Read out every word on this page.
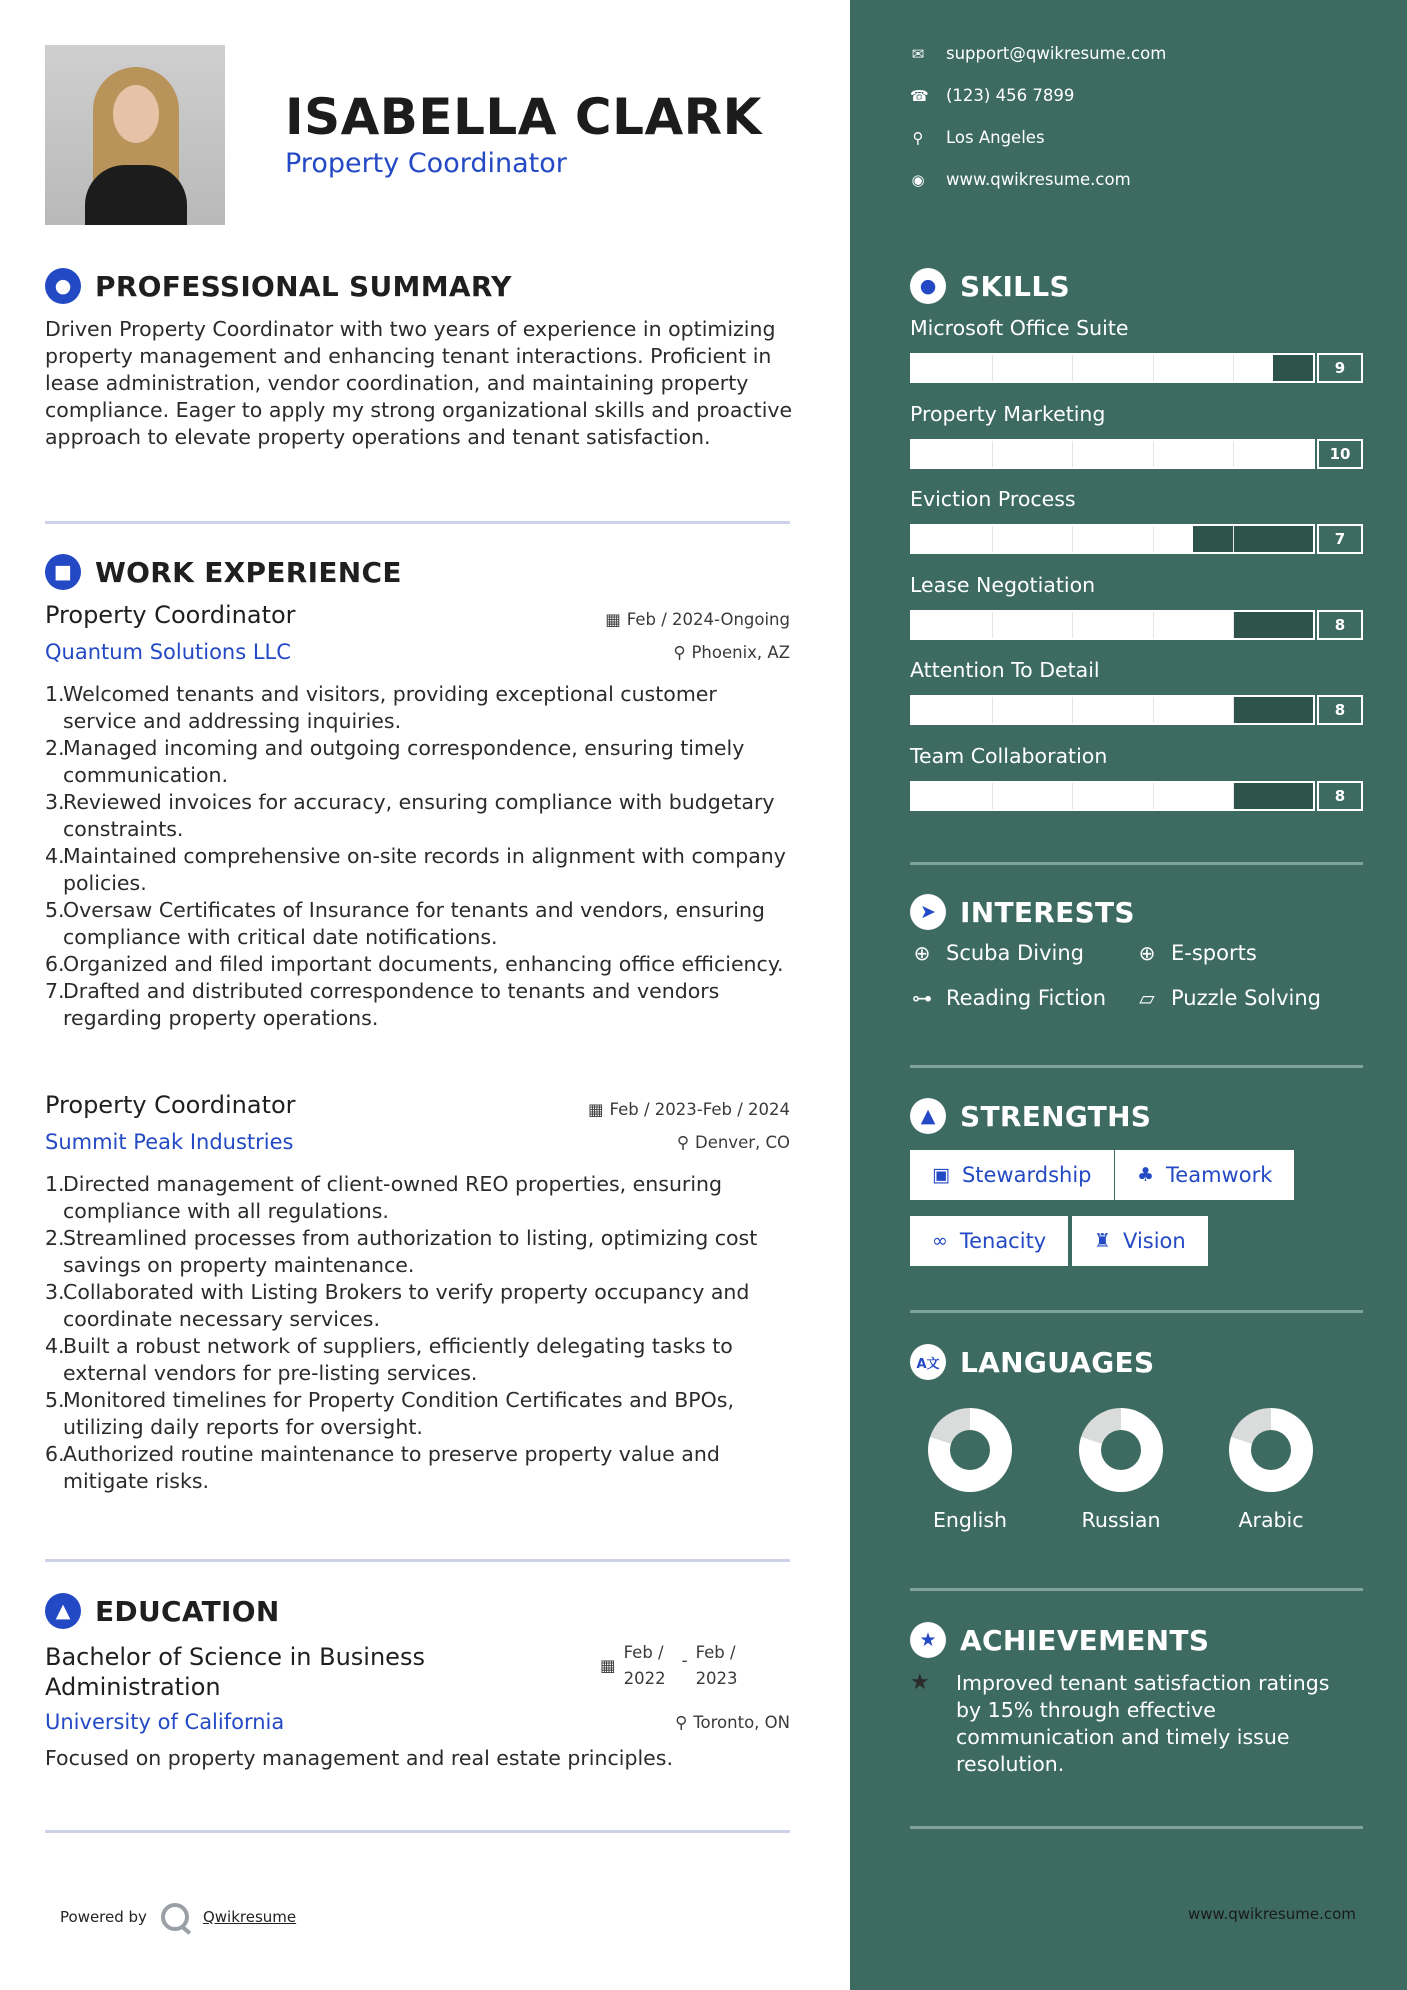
ISABELLA CLARK
Property Coordinator
● PROFESSIONAL SUMMARY
Driven Property Coordinator with two years of experience in optimizing property management and enhancing tenant interactions. Proficient in lease administration, vendor coordination, and maintaining property compliance. Eager to apply my strong organizational skills and proactive approach to elevate property operations and tenant satisfaction.
■ WORK EXPERIENCE
Property Coordinator	▦ Feb / 2024-Ongoing
Quantum Solutions LLC	⚲ Phoenix, AZ
1.
Welcomed tenants and visitors, providing exceptional customer service and addressing inquiries.
2.
Managed incoming and outgoing correspondence, ensuring timely communication.
3.
Reviewed invoices for accuracy, ensuring compliance with budgetary constraints.
4.
Maintained comprehensive on-site records in alignment with company policies.
5.
Oversaw Certificates of Insurance for tenants and vendors, ensuring compliance with critical date notifications.
6.
Organized and filed important documents, enhancing office efficiency.
7.
Drafted and distributed correspondence to tenants and vendors regarding property operations.
Property Coordinator	▦ Feb / 2023-Feb / 2024
Summit Peak Industries	⚲ Denver, CO
1.
Directed management of client-owned REO properties, ensuring compliance with all regulations.
2.
Streamlined processes from authorization to listing, optimizing cost savings on property maintenance.
3.
Collaborated with Listing Brokers to verify property occupancy and coordinate necessary services.
4.
Built a robust network of suppliers, efficiently delegating tasks to external vendors for pre-listing services.
5.
Monitored timelines for Property Condition Certificates and BPOs, utilizing daily reports for oversight.
6.
Authorized routine maintenance to preserve property value and mitigate risks.
▲ EDUCATION
Bachelor of Science in Business
Administration
▦
Feb / 2022
- Feb / 2023
University of California	⚲ Toronto, ON
Focused on property management and real estate principles.
Powered by	Qwikresume
✉ support@qwikresume.com
☎ (123) 456 7899
⚲ Los Angeles
◉ www.qwikresume.com
● SKILLS
Microsoft Office Suite
9
Property Marketing
10
Eviction Process
7
Lease Negotiation
8
Attention To Detail
8
Team Collaboration
8
➤ INTERESTS
⊕ Scuba Diving	⊕ E-sports
⊶ Reading Fiction ▱ Puzzle Solving
▲ STRENGTHS
▣ Stewardship ♣ Teamwork
∞ Tenacity	♜ Vision
A文 LANGUAGES
English	Russian	Arabic
★ ACHIEVEMENTS
★	Improved tenant satisfaction ratings by 15% through effective communication and timely issue resolution.
www.qwikresume.com
